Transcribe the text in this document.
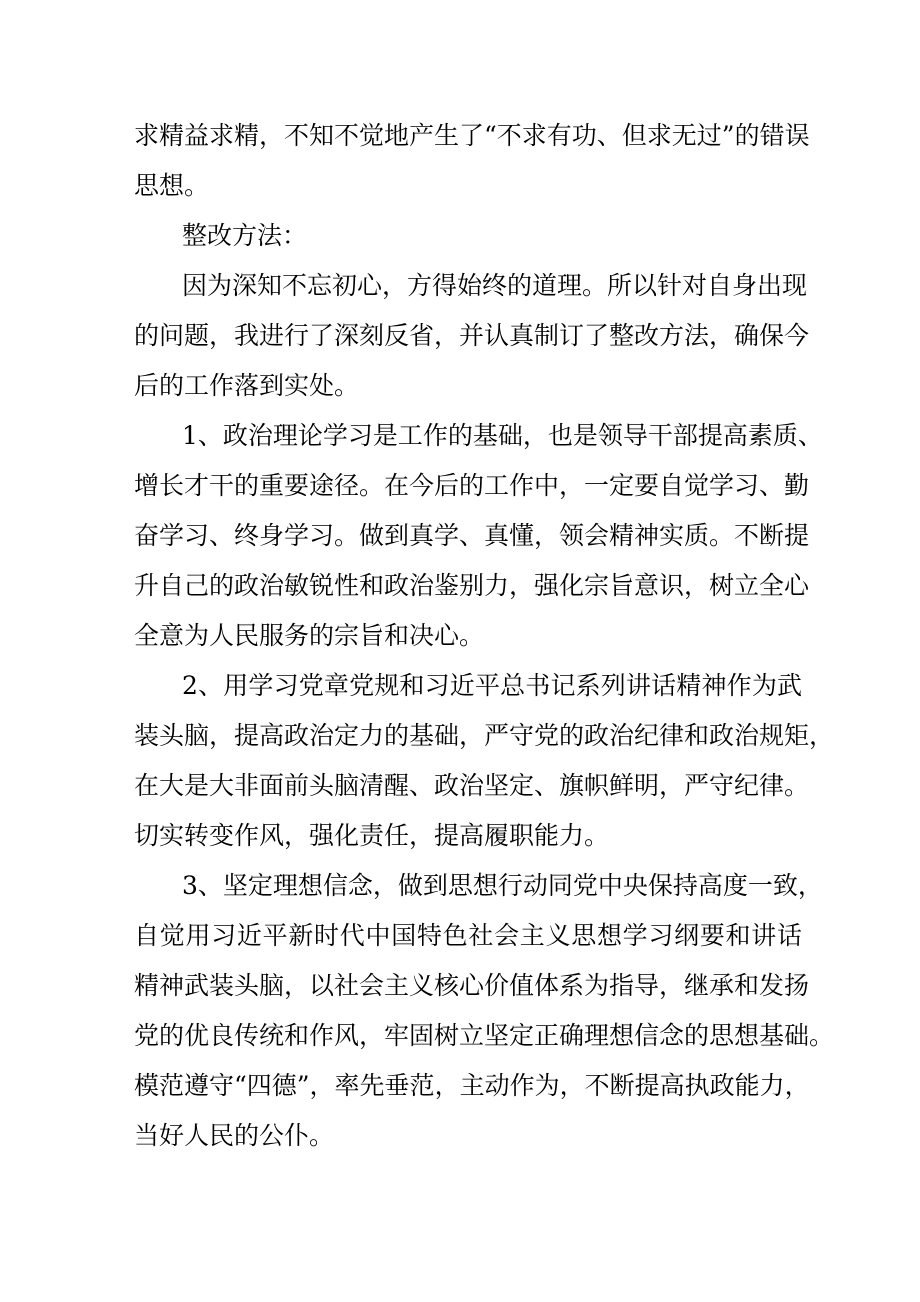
求精益求精，不知不觉地产生了“不求有功、但求无过”的错误

思想。

整改方法：

因为深知不忘初心，方得始终的道理。所以针对自身出现

的问题，我进行了深刻反省，并认真制订了整改方法，确保今

后的工作落到实处。

1、政治理论学习是工作的基础，也是领导干部提高素质、

增长才干的重要途径。在今后的工作中，一定要自觉学习、勤

奋学习、终身学习。做到真学、真懂，领会精神实质。不断提

升自己的政治敏锐性和政治鉴别力，强化宗旨意识，树立全心

全意为人民服务的宗旨和决心。

2、用学习党章党规和习近平总书记系列讲话精神作为武

装头脑，提高政治定力的基础，严守党的政治纪律和政治规矩，

在大是大非面前头脑清醒、政治坚定、旗帜鲜明，严守纪律。

切实转变作风，强化责任，提高履职能力。

3、坚定理想信念，做到思想行动同党中央保持高度一致，

自觉用习近平新时代中国特色社会主义思想学习纲要和讲话

精神武装头脑，以社会主义核心价值体系为指导，继承和发扬

党的优良传统和作风，牢固树立坚定正确理想信念的思想基础。

模范遵守“四德”，率先垂范，主动作为，不断提高执政能力，

当好人民的公仆。
